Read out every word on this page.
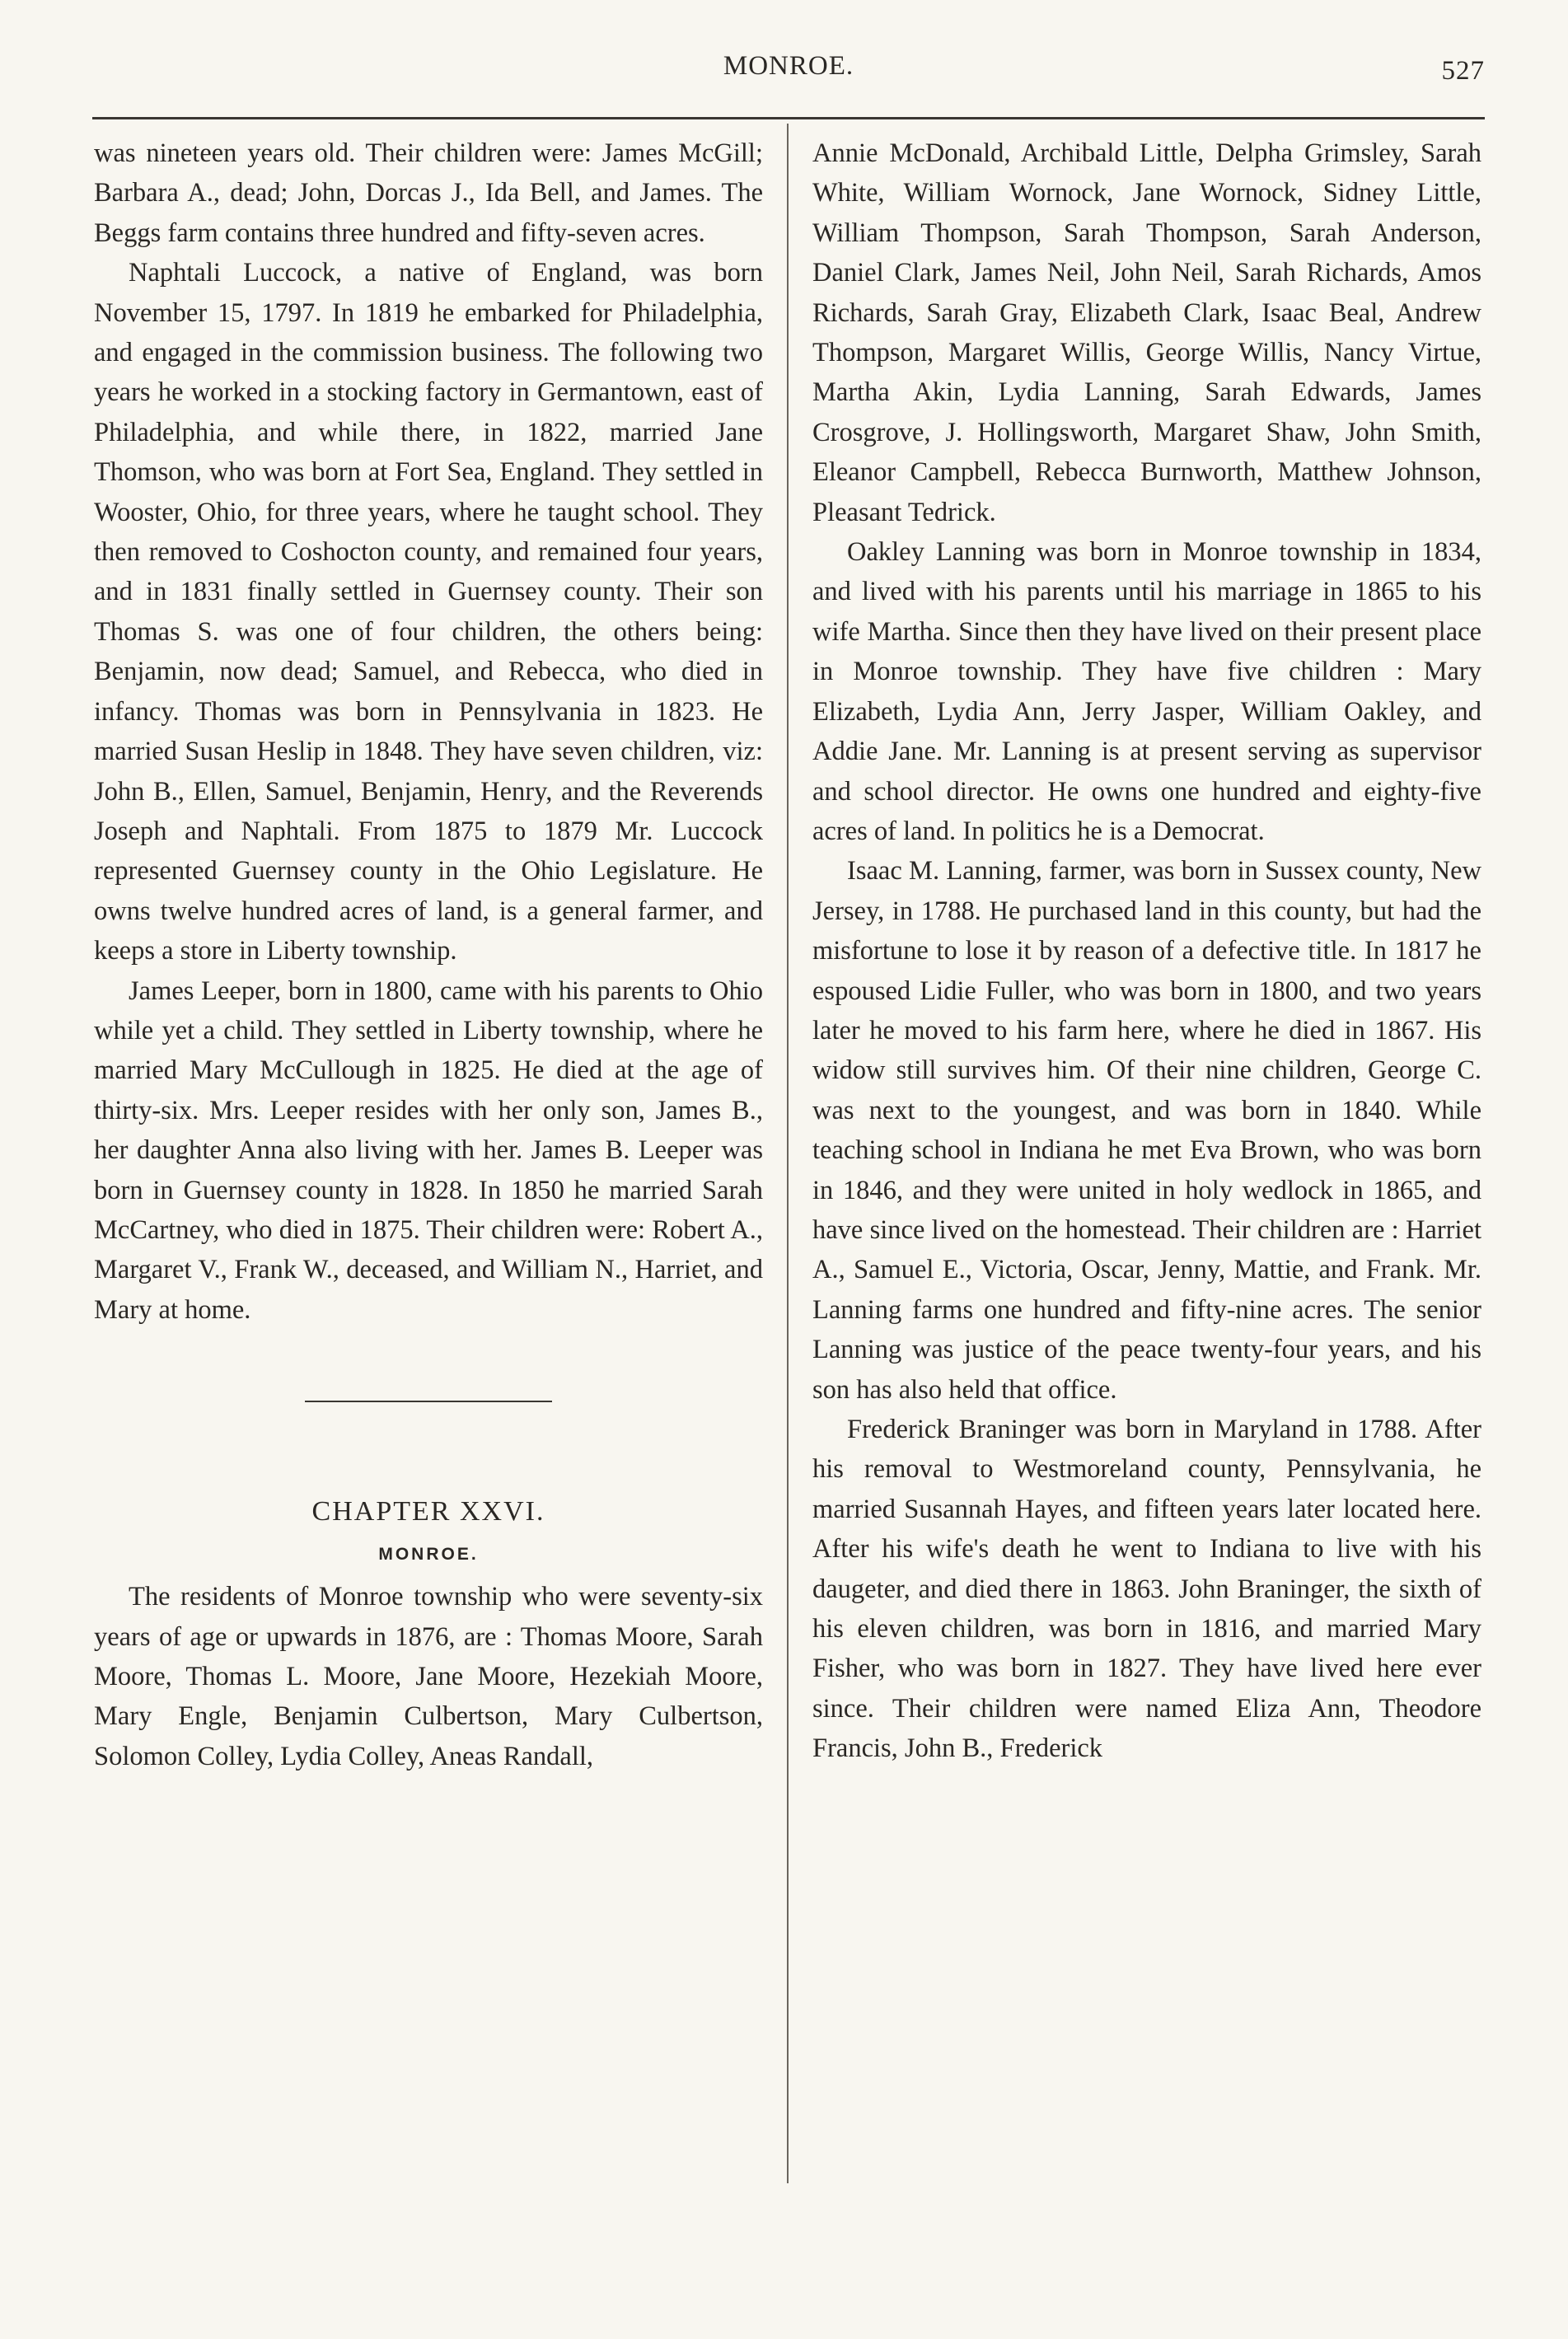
MONROE.	527

was nineteen years old. Their children were: James McGill; Barbara A., dead; John, Dorcas J., Ida Bell, and James. The Beggs farm contains three hundred and fifty-seven acres.

Naphtali Luccock, a native of England, was born November 15, 1797. In 1819 he embarked for Philadelphia, and engaged in the commission business. The following two years he worked in a stocking factory in Germantown, east of Philadelphia, and while there, in 1822, married Jane Thomson, who was born at Fort Sea, England. They settled in Wooster, Ohio, for three years, where he taught school. They then removed to Coshocton county, and remained four years, and in 1831 finally settled in Guernsey county. Their son Thomas S. was one of four children, the others being: Benjamin, now dead; Samuel, and Rebecca, who died in infancy. Thomas was born in Pennsylvania in 1823. He married Susan Heslip in 1848. They have seven children, viz: John B., Ellen, Samuel, Benjamin, Henry, and the Reverends Joseph and Naphtali. From 1875 to 1879 Mr. Luccock represented Guernsey county in the Ohio Legislature. He owns twelve hundred acres of land, is a general farmer, and keeps a store in Liberty township.

James Leeper, born in 1800, came with his parents to Ohio while yet a child. They settled in Liberty township, where he married Mary McCullough in 1825. He died at the age of thirty-six. Mrs. Leeper resides with her only son, James B., her daughter Anna also living with her. James B. Leeper was born in Guernsey county in 1828. In 1850 he married Sarah McCartney, who died in 1875. Their children were: Robert A., Margaret V., Frank W., deceased, and William N., Harriet, and Mary at home.

CHAPTER XXVI.
MONROE.

The residents of Monroe township who were seventy-six years of age or upwards in 1876, are : Thomas Moore, Sarah Moore, Thomas L. Moore, Jane Moore, Hezekiah Moore, Mary Engle, Benjamin Culbertson, Mary Culbertson, Solomon Colley, Lydia Colley, Aneas Randall,

Annie McDonald, Archibald Little, Delpha Grimsley, Sarah White, William Wornock, Jane Wornock, Sidney Little, William Thompson, Sarah Thompson, Sarah Anderson, Daniel Clark, James Neil, John Neil, Sarah Richards, Amos Richards, Sarah Gray, Elizabeth Clark, Isaac Beal, Andrew Thompson, Margaret Willis, George Willis, Nancy Virtue, Martha Akin, Lydia Lanning, Sarah Edwards, James Crosgrove, J. Hollingsworth, Margaret Shaw, John Smith, Eleanor Campbell, Rebecca Burnworth, Matthew Johnson, Pleasant Tedrick.

Oakley Lanning was born in Monroe township in 1834, and lived with his parents until his marriage in 1865 to his wife Martha. Since then they have lived on their present place in Monroe township. They have five children : Mary Elizabeth, Lydia Ann, Jerry Jasper, William Oakley, and Addie Jane. Mr. Lanning is at present serving as supervisor and school director. He owns one hundred and eighty-five acres of land. In politics he is a Democrat.

Isaac M. Lanning, farmer, was born in Sussex county, New Jersey, in 1788. He purchased land in this county, but had the misfortune to lose it by reason of a defective title. In 1817 he espoused Lidie Fuller, who was born in 1800, and two years later he moved to his farm here, where he died in 1867. His widow still survives him. Of their nine children, George C. was next to the youngest, and was born in 1840. While teaching school in Indiana he met Eva Brown, who was born in 1846, and they were united in holy wedlock in 1865, and have since lived on the homestead. Their children are : Harriet A., Samuel E., Victoria, Oscar, Jenny, Mattie, and Frank. Mr. Lanning farms one hundred and fifty-nine acres. The senior Lanning was justice of the peace twenty-four years, and his son has also held that office.

Frederick Braninger was born in Maryland in 1788. After his removal to Westmoreland county, Pennsylvania, he married Susannah Hayes, and fifteen years later located here. After his wife's death he went to Indiana to live with his daugeter, and died there in 1863. John Braninger, the sixth of his eleven children, was born in 1816, and married Mary Fisher, who was born in 1827. They have lived here ever since. Their children were named Eliza Ann, Theodore Francis, John B., Frederick
